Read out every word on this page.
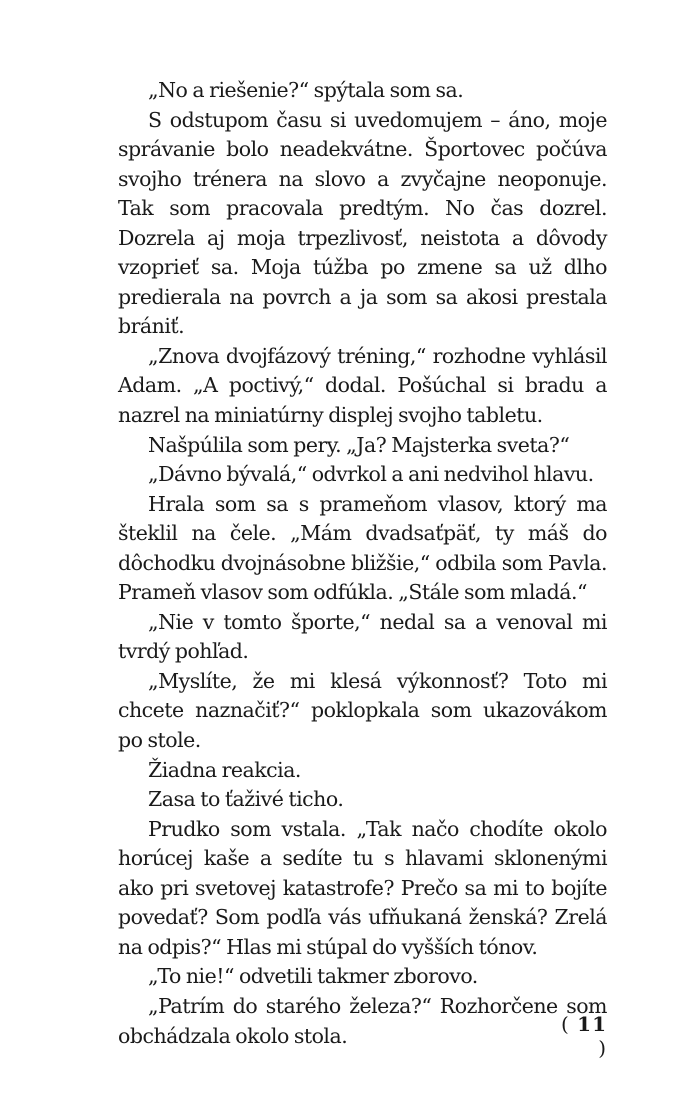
„No a riešenie?“ spýtala som sa.

S odstupom času si uvedomujem – áno, moje správanie bolo neadekvátne. Športovec počúva svojho trénera na slovo a zvyčajne neoponuje. Tak som pracovala predtým. No čas dozrel. Dozrela aj moja trpezlivosť, neistota a dôvody vzoprieť sa. Moja túžba po zmene sa už dlho predierala na povrch a ja som sa akosi prestala brániť.

„Znova dvojfázový tréning,“ rozhodne vyhlásil Adam. „A poctivý,“ dodal. Pošúchal si bradu a nazrel na miniatúrny displej svojho tabletu.

Našpúlila som pery. „Ja? Majsterka sveta?“

„Dávno bývalá,“ odvrkol a ani nedvihol hlavu.

Hrala som sa s prameňom vlasov, ktorý ma šteklil na čele. „Mám dvadsaťpäť, ty máš do dôchodku dvojnásobne bližšie,“ odbila som Pavla. Prameň vlasov som odfúkla. „Stále som mladá.“

„Nie v tomto športe,“ nedal sa a venoval mi tvrdý pohľad.

„Myslíte, že mi klesá výkonnosť? Toto mi chcete naznačiť?“ poklopkala som ukazovákom po stole.

Žiadna reakcia.

Zasa to ťaživé ticho.

Prudko som vstala. „Tak načo chodíte okolo horúcej kaše a sedíte tu s hlavami sklonenými ako pri svetovej katastrofe? Prečo sa mi to bojíte povedať? Som podľa vás ufňukaná ženská? Zrelá na odpis?“ Hlas mi stúpal do vyšších tónov.

„To nie!“ odvetili takmer zborovo.

„Patrím do starého železa?“ Rozhorčene som obchádzala okolo stola.	( 11 )
